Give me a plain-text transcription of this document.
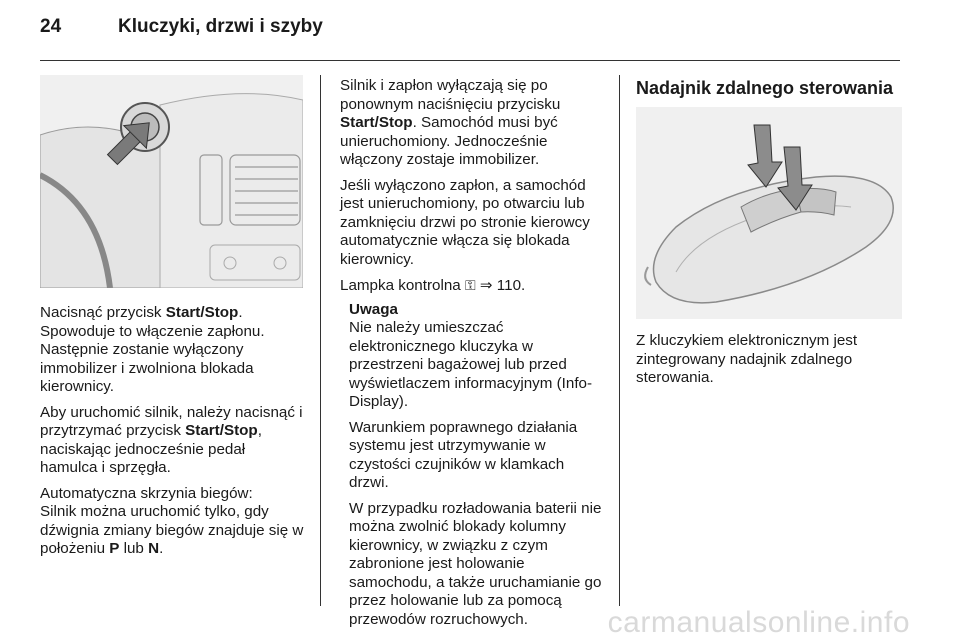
24	Kluczyki, drzwi i szyby

Nacisnąć przycisk Start/Stop.
Spowoduje to włączenie zapłonu.
Następnie zostanie wyłączony immobilizer i zwolniona blokada kierownicy.

Aby uruchomić silnik, należy nacisnąć i przytrzymać przycisk Start/Stop, naciskając jednocześnie pedał hamulca i sprzęgła.

Automatyczna skrzynia biegów:
Silnik można uruchomić tylko, gdy dźwignia zmiany biegów znajduje się w położeniu P lub N.

Silnik i zapłon wyłączają się po ponownym naciśnięciu przycisku Start/Stop. Samochód musi być unieruchomiony. Jednocześnie włączony zostaje immobilizer.

Jeśli wyłączono zapłon, a samochód jest unieruchomiony, po otwarciu lub zamknięciu drzwi po stronie kierowcy automatycznie włącza się blokada kierownicy.

Lampka kontrolna ⚿ ⇒ 110.

Uwaga

Nie należy umieszczać elektronicznego kluczyka w przestrzeni bagażowej lub przed wyświetlaczem informacyjnym (Info-Display).

Warunkiem poprawnego działania systemu jest utrzymywanie w czystości czujników w klamkach drzwi.

W przypadku rozładowania baterii nie można zwolnić blokady kolumny kierownicy, w związku z czym zabronione jest holowanie samochodu, a także uruchamianie go przez holowanie lub za pomocą przewodów rozruchowych.

Nadajnik zdalnego sterowania

Z kluczykiem elektronicznym jest zintegrowany nadajnik zdalnego sterowania.

carmanualsonline.info
